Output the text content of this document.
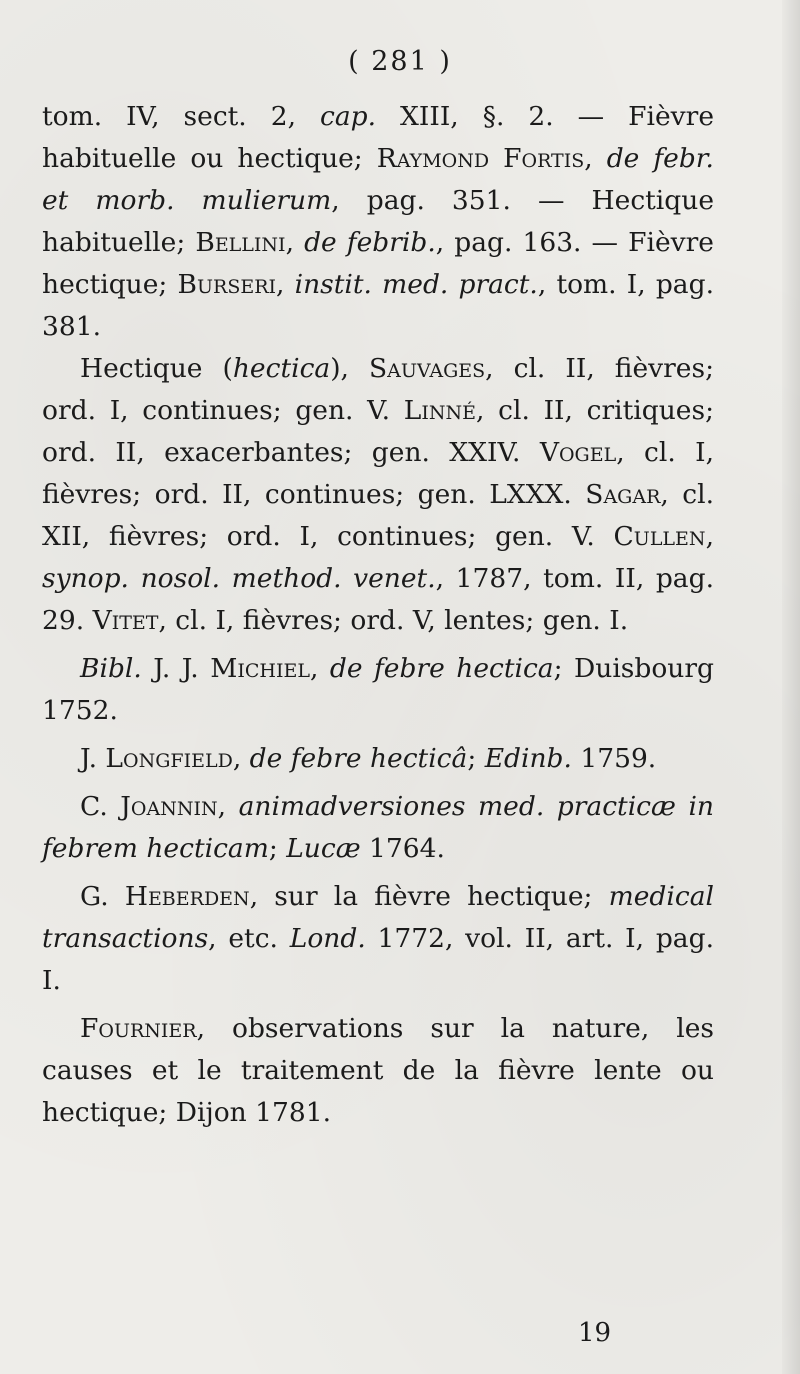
( 281 )

tom. IV, sect. 2, cap. XIII, §. 2. — Fièvre habituelle ou hectique; Raymond Fortis, de febr. et morb. mulierum, pag. 351. — Hectique habituelle; Bellini, de febrib., pag. 163. — Fièvre hectique; Burseri, instit. med. pract., tom. I, pag. 381.

Hectique (hectica), Sauvages, cl. II, fièvres; ord. I, continues; gen. V. Linné, cl. II, critiques; ord. II, exacerbantes; gen. XXIV. Vogel, cl. I, fièvres; ord. II, continues; gen. LXXX. Sagar, cl. XII, fièvres; ord. I, continues; gen. V. Cullen, synop. nosol. method. venet., 1787, tom. II, pag. 29. Vitet, cl. I, fièvres; ord. V, lentes; gen. I.

Bibl. J. J. Michiel, de febre hectica; Duisbourg 1752.

J. Longfield, de febre hecticâ; Edinb. 1759.

C. Joannin, animadversiones med. practicæ in febrem hecticam; Lucæ 1764.

G. Heberden, sur la fièvre hectique; medical transactions, etc. Lond. 1772, vol. II, art. I, pag. I.

Fournier, observations sur la nature, les causes et le traitement de la fièvre lente ou hectique; Dijon 1781.

19
